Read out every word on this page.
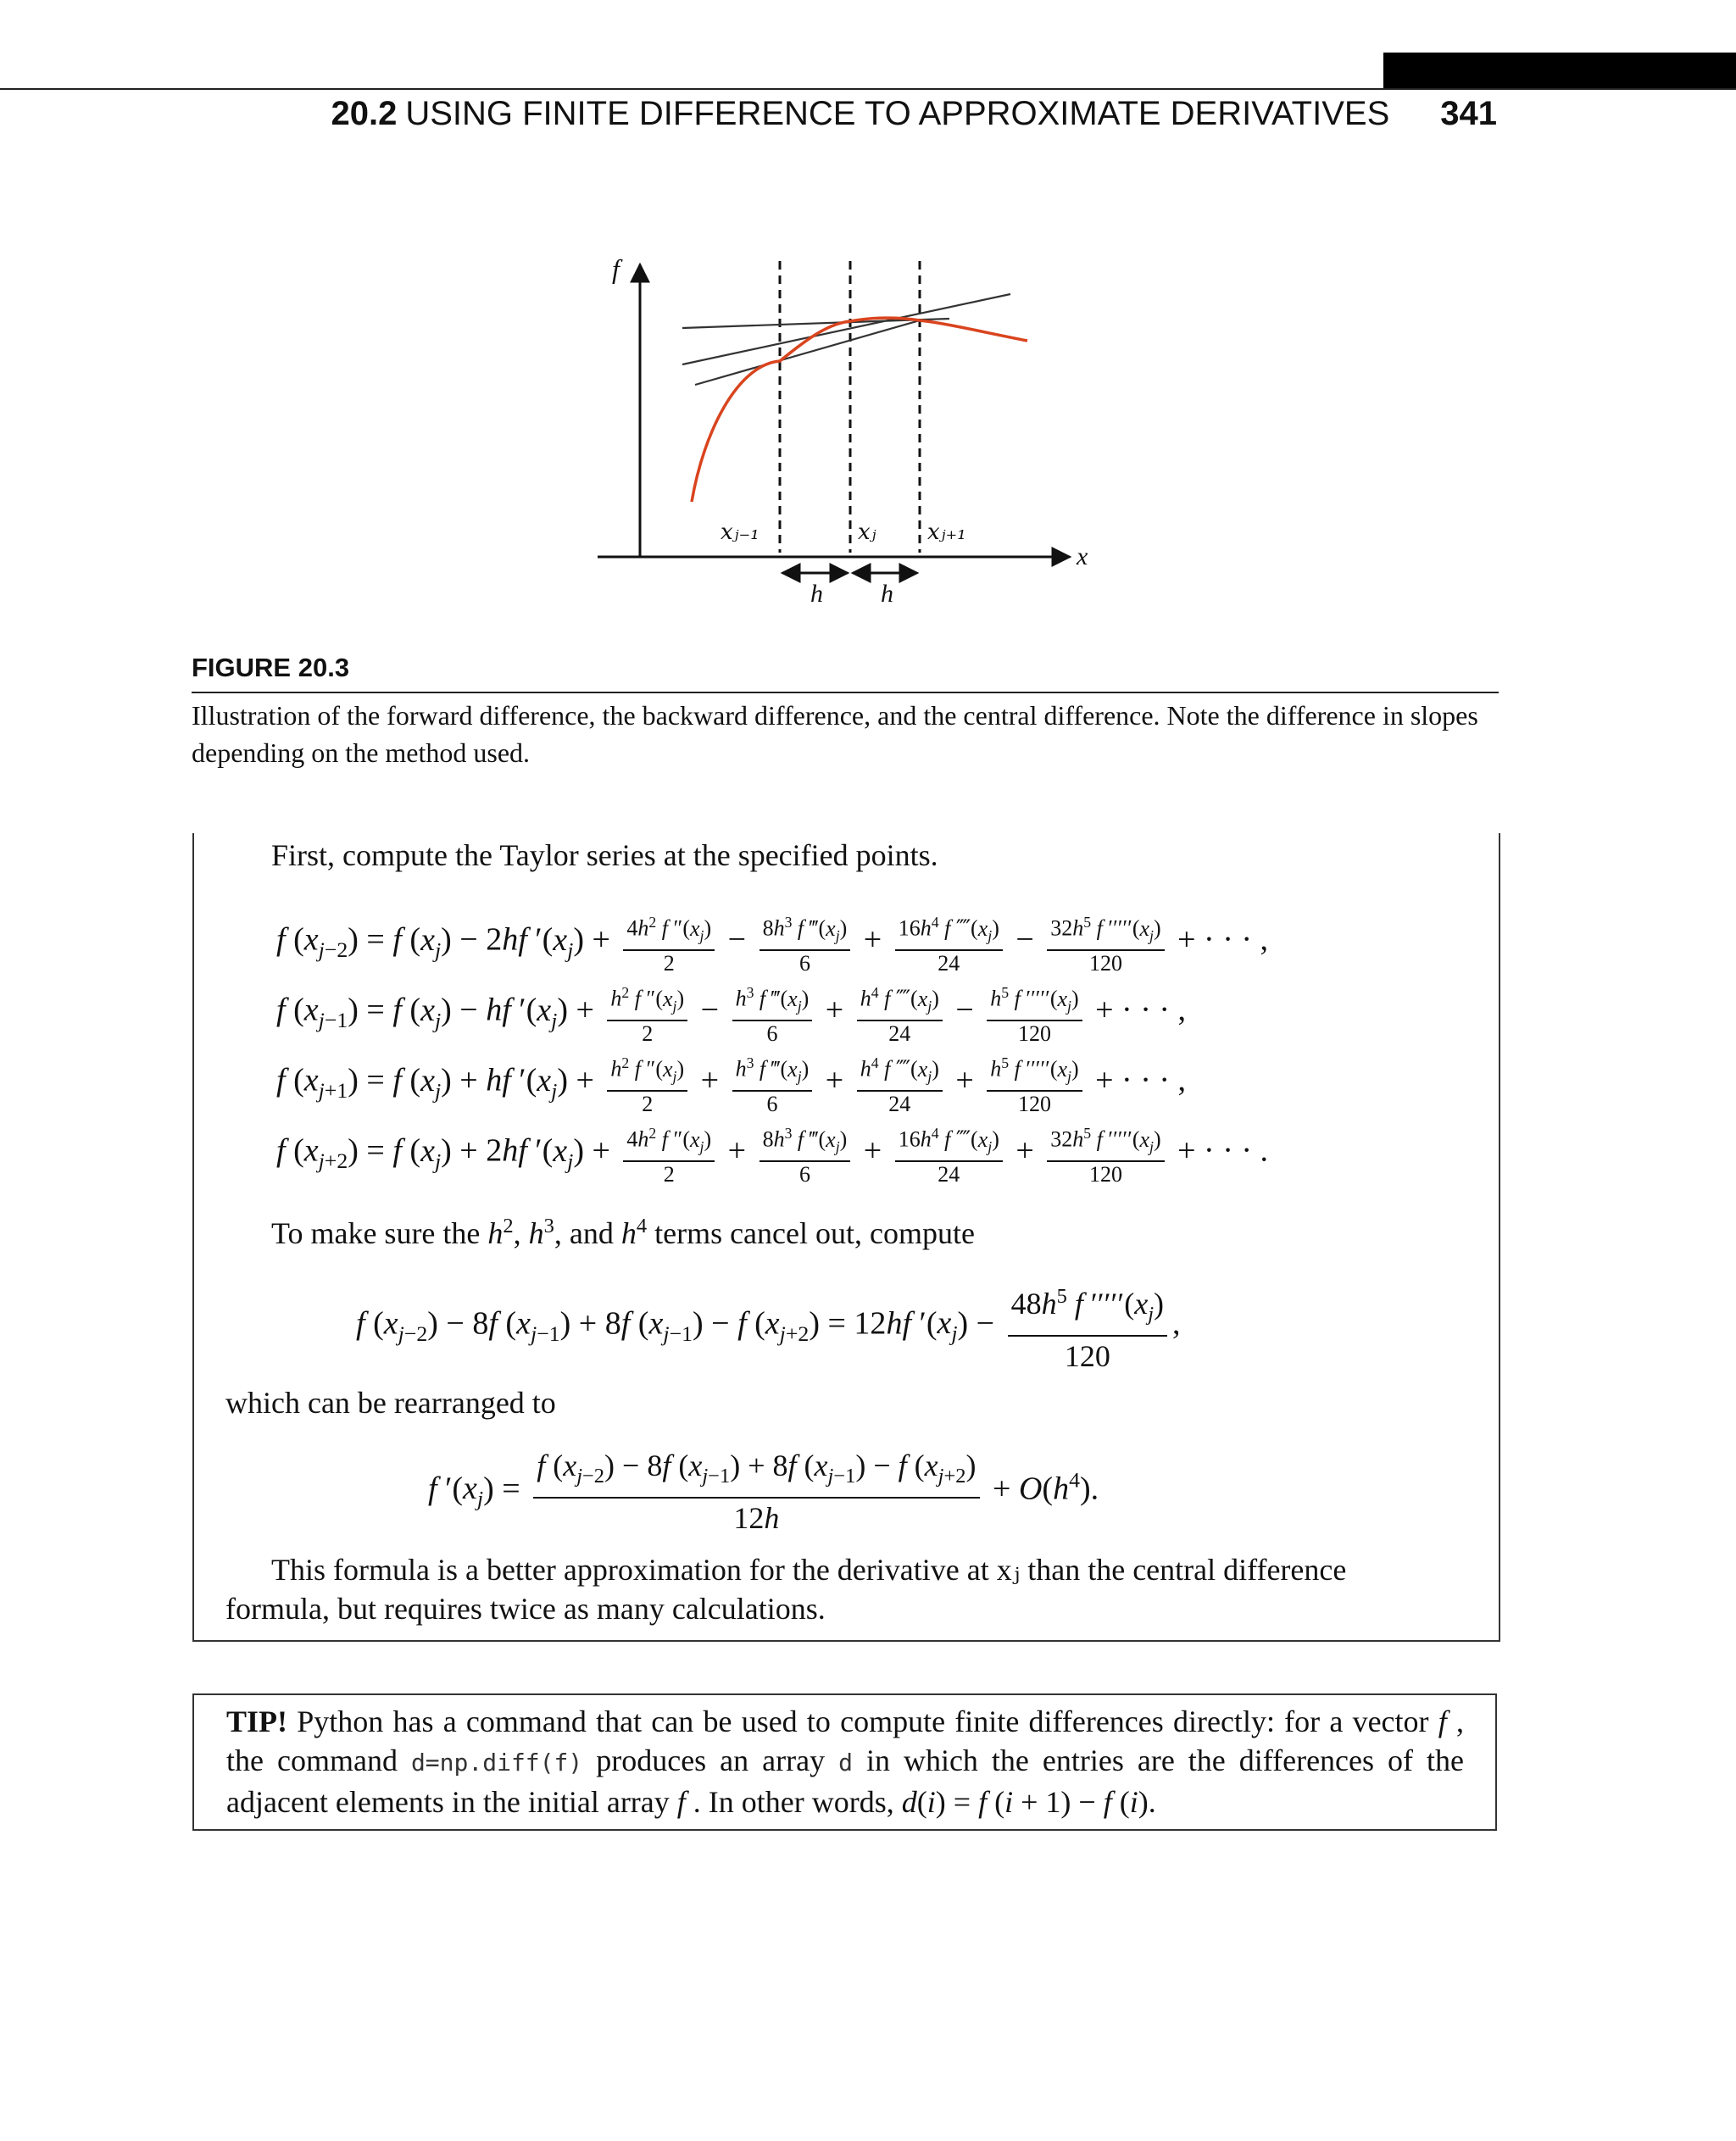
20.2 USING FINITE DIFFERENCE TO APPROXIMATE DERIVATIVES 341
f
x
xⱼ₋₁	xⱼ xⱼ₊₁
h h
FIGURE 20.3
Illustration of the forward difference, the backward difference, and the central difference. Note the difference in slopes depending on the method used.
First, compute the Taylor series at the specified points.
f $(x_{j-2}) = f$ $(x_j) - 2hf$ $'(x_j) + \frac{4h^2 f ''(x_j)}{2} - \frac{8h^3 f ‴(x_j)}{6} + \frac{16h^4 f ⁗(x_j)}{24} - \frac{32h^5 f '''''(x_j)}{120}$ + · · · ,
f $(x_{j-1}) = f$ $(x_j)$ − hf $'(x_j) + \frac{h^2 f ''(x_j)}{2} - \frac{h^3 f ‴(x_j)}{6} + \frac{h^4 f ⁗(x_j)}{24} - \frac{h^5 f '''''(x_j)}{120}$ + · · · ,
f $(x_{j+1}) = f$ $(x_j)$ + hf $'(x_j) + \frac{h^2 f ''(x_j)}{2} + \frac{h^3 f ‴(x_j)}{6} + \frac{h^4 f ⁗(x_j)}{24} + \frac{h^5 f '''''(x_j)}{120}$ + · · · ,
f $(x_{j+2}) = f$ $(x_j) + 2hf$ $'(x_j) + \frac{4h^2 f ''(x_j)}{2} + \frac{8h^3 f ‴(x_j)}{6} + \frac{16h^4 f ⁗(x_j)}{24} + \frac{32h^5 f '''''(x_j)}{120}$ + · · · .
To make sure the $h^2$, $h^3$, and $h^4$ terms cancel out, compute
f $(x_{j-2}) - 8f$ $(x_{j-1}) + 8f$ $(x_{j-1}) - f$ $(x_{j+2}) = 12hf$ $'(x_j) - \frac{48h^5 f '''''(x_j)}{120}$ ,
which can be rearranged to
f $'(x_j) = \frac{f (x_{j-2}) - 8f (x_{j-1}) + 8f (x_{j-1}) - f (x_{j+2})}{12h} + O(h^4)$.
This formula is a better approximation for the derivative at xⱼ than the central difference
formula, but requires twice as many calculations.
TIP! Python has a command that can be used to compute finite differences directly: for a vector f , the command d=np.diff(f) produces an array d in which the entries are the differences of the adjacent elements in the initial array f . In other words, d(i) = f (i + 1) − f (i).
